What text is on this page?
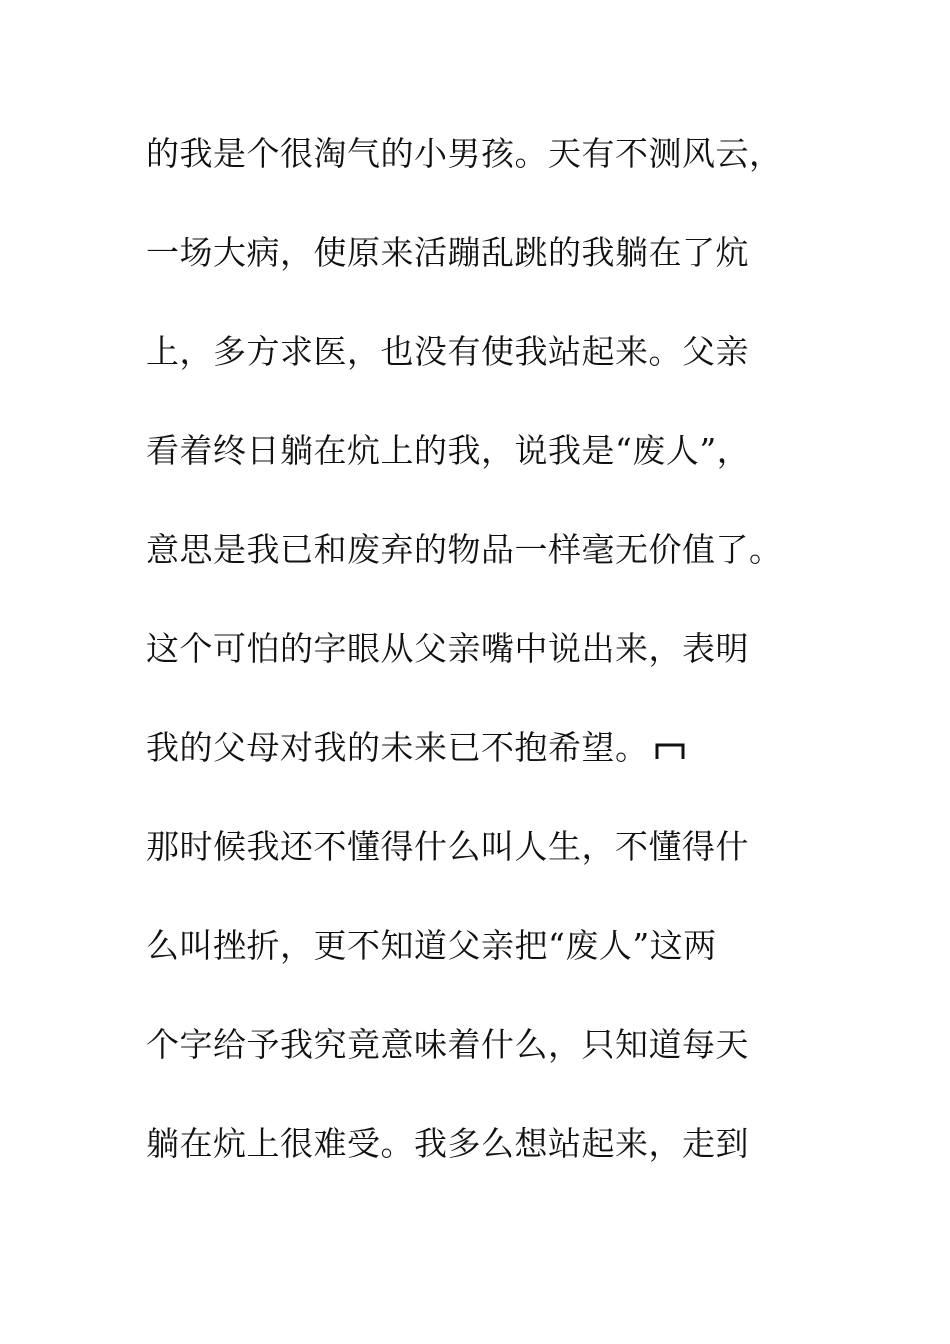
的我是个很淘气的小男孩。天有不测风云，
一场大病，使原来活蹦乱跳的我躺在了炕
上，多方求医，也没有使我站起来。父亲
看着终日躺在炕上的我，说我是“废人”，
意思是我已和废弃的物品一样毫无价值了。
这个可怕的字眼从父亲嘴中说出来，表明
我的父母对我的未来已不抱希望。
那时候我还不懂得什么叫人生，不懂得什
么叫挫折，更不知道父亲把“废人”这两
个字给予我究竟意味着什么，只知道每天
躺在炕上很难受。我多么想站起来，走到
